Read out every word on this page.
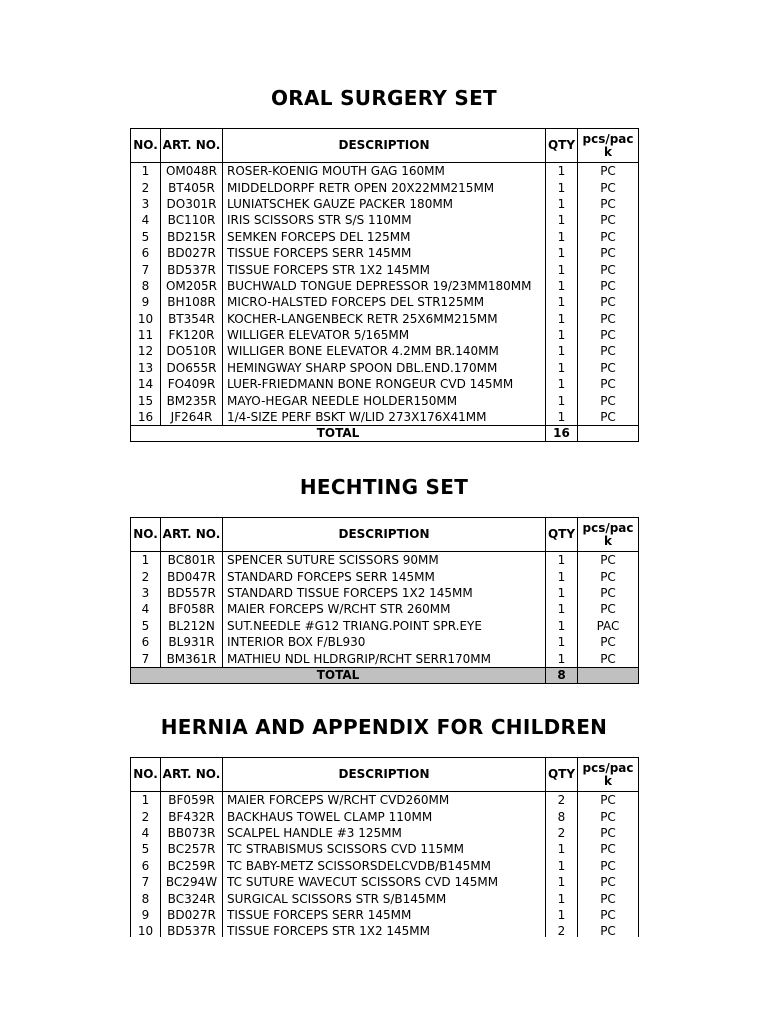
ORAL SURGERY SET
NO.	ART. NO.	DESCRIPTION	QTY	pcs/pac k
1	OM048R	ROSER-KOENIG MOUTH GAG 160MM	1	PC
2	BT405R	MIDDELDORPF RETR OPEN 20X22MM215MM	1	PC
3	DO301R	LUNIATSCHEK GAUZE PACKER 180MM	1	PC
4	BC110R	IRIS SCISSORS STR S/S 110MM	1	PC
5	BD215R	SEMKEN FORCEPS DEL 125MM	1	PC
6	BD027R	TISSUE FORCEPS SERR 145MM	1	PC
7	BD537R	TISSUE FORCEPS STR 1X2 145MM	1	PC
8	OM205R	BUCHWALD TONGUE DEPRESSOR 19/23MM180MM	1	PC
9	BH108R	MICRO-HALSTED FORCEPS DEL STR125MM	1	PC
10	BT354R	KOCHER-LANGENBECK RETR 25X6MM215MM	1	PC
11	FK120R	WILLIGER ELEVATOR 5/165MM	1	PC
12	DO510R	WILLIGER BONE ELEVATOR 4.2MM BR.140MM	1	PC
13	DO655R	HEMINGWAY SHARP SPOON DBL.END.170MM	1	PC
14	FO409R	LUER-FRIEDMANN BONE RONGEUR CVD 145MM	1	PC
15	BM235R	MAYO-HEGAR NEEDLE HOLDER150MM	1	PC
16	JF264R	1/4-SIZE PERF BSKT W/LID 273X176X41MM	1	PC
TOTAL			16	
HECHTING SET
NO.	ART. NO.	DESCRIPTION	QTY	pcs/pac k
1	BC801R	SPENCER SUTURE SCISSORS 90MM	1	PC
2	BD047R	STANDARD FORCEPS SERR 145MM	1	PC
3	BD557R	STANDARD TISSUE FORCEPS 1X2 145MM	1	PC
4	BF058R	MAIER FORCEPS W/RCHT STR 260MM	1	PC
5	BL212N	SUT.NEEDLE #G12 TRIANG.POINT SPR.EYE	1	PAC
6	BL931R	INTERIOR BOX F/BL930	1	PC
7	BM361R	MATHIEU NDL HLDRGRIP/RCHT SERR170MM	1	PC
TOTAL			8	
HERNIA AND APPENDIX FOR CHILDREN
NO.	ART. NO.	DESCRIPTION	QTY	pcs/pac k
1	BF059R	MAIER FORCEPS W/RCHT CVD260MM	2	PC
2	BF432R	BACKHAUS TOWEL CLAMP 110MM	8	PC
4	BB073R	SCALPEL HANDLE #3 125MM	2	PC
5	BC257R	TC STRABISMUS SCISSORS CVD 115MM	1	PC
6	BC259R	TC BABY-METZ SCISSORSDELCVDB/B145MM	1	PC
7	BC294W	TC SUTURE WAVECUT SCISSORS CVD 145MM	1	PC
8	BC324R	SURGICAL SCISSORS STR S/B145MM	1	PC
9	BD027R	TISSUE FORCEPS SERR 145MM	1	PC
10	BD537R	TISSUE FORCEPS STR 1X2 145MM	2	PC
